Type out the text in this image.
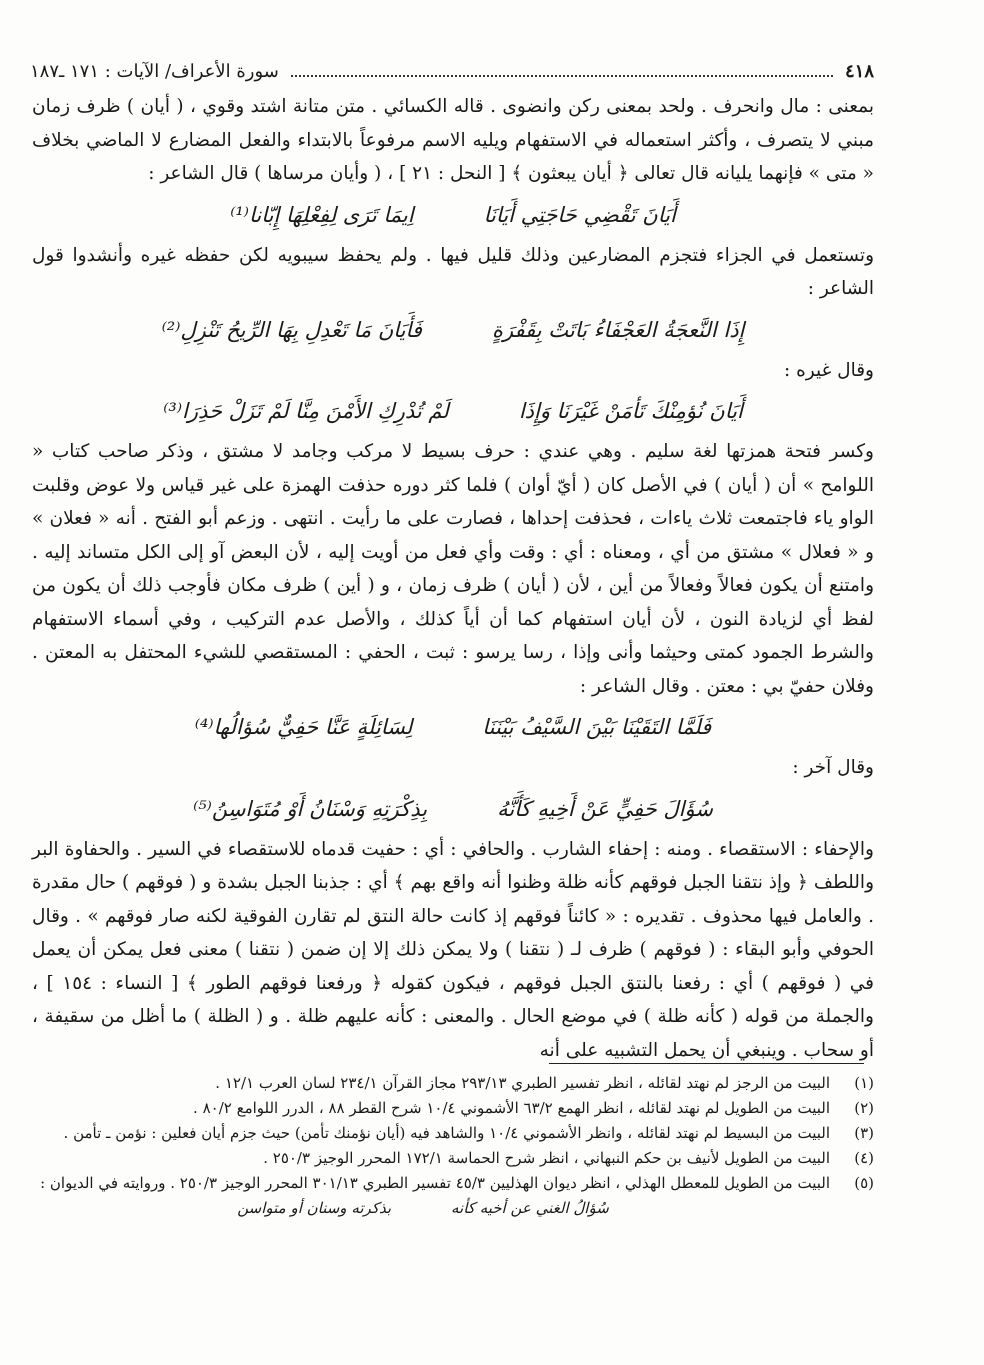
٤١٨
سورة الأعراف/ الآيات : ١٧١ ـ١٨٧

بمعنى : مال وانحرف . ولحد بمعنى ركن وانضوى . قاله الكسائي . متن متانة اشتد وقوي ، ( أيان ) ظرف زمان مبني لا يتصرف ، وأكثر استعماله في الاستفهام ويليه الاسم مرفوعاً بالابتداء والفعل المضارع لا الماضي بخلاف « متى » فإنهما يليانه قال تعالى ﴿ أيان يبعثون ﴾ [ النحل : ٢١ ] ، ( وأيان مرساها ) قال الشاعر :

أَيَانَ تَقْضِي حَاجَتِي أَيَانَا
اِيمَا تَرَى لِفِعْلِهَا إِبّانا⁽¹⁾

وتستعمل في الجزاء فتجزم المضارعين وذلك قليل فيها . ولم يحفظ سيبويه لكن حفظه غيره وأنشدوا قول الشاعر :

إِذَا النَّعجَةُ العَجْفَاءُ بَاتَتْ بِقَفْرَةٍ
فَأَيَانَ مَا تَعْدِلِ بِهَا الرِّيحُ تَنْزِلِ⁽²⁾

وقال غيره :

أَيَانَ نُؤمِنْكَ تَأمَنْ غَيْرَنَا وَإِذَا
لَمْ تُدْرِكِ الأَمْنَ مِنَّا لَمْ تَزَلْ حَذِرَا⁽³⁾

وكسر فتحة همزتها لغة سليم . وهي عندي : حرف بسيط لا مركب وجامد لا مشتق ، وذكر صاحب كتاب « اللوامح » أن ( أيان ) في الأصل كان ( أيّ أوان ) فلما كثر دوره حذفت الهمزة على غير قياس ولا عوض وقلبت الواو ياء فاجتمعت ثلاث ياءات ، فحذفت إحداها ، فصارت على ما رأيت . انتهى . وزعم أبو الفتح . أنه « فعلان » و « فعلال » مشتق من أي ، ومعناه : أي : وقت وأي فعل من أويت إليه ، لأن البعض آو إلى الكل متساند إليه . وامتنع أن يكون فعالاً وفعالاً من أين ، لأن ( أيان ) ظرف زمان ، و ( أين ) ظرف مكان فأوجب ذلك أن يكون من لفظ أي لزيادة النون ، لأن أيان استفهام كما أن أياً كذلك ، والأصل عدم التركيب ، وفي أسماء الاستفهام والشرط الجمود كمتى وحيثما وأنى وإذا ، رسا يرسو : ثبت ، الحفي : المستقصي للشيء المحتفل به المعتن . وفلان حفيّ بي : معتن . وقال الشاعر :

فَلَمَّا التَقَيْنَا بَيْنَ السَّيْفُ بَيْنَنَا
لِسَائِلَةٍ عَنَّا حَفِيٌّ سُؤالُها⁽⁴⁾

وقال آخر :

سُؤَالَ حَفِيٍّ عَنْ أَخِيهِ كَأَنَّهُ
بِذِكْرَتِهِ وَسْنَانُ أَوْ مُتَوَاسِنُ⁽⁵⁾

والإحفاء : الاستقصاء . ومنه : إحفاء الشارب . والحافي : أي : حفيت قدماه للاستقصاء في السير . والحفاوة البر واللطف ﴿ وإذ نتقنا الجبل فوقهم كأنه ظلة وظنوا أنه واقع بهم ﴾ أي : جذبنا الجبل بشدة و ( فوقهم ) حال مقدرة . والعامل فيها محذوف . تقديره : « كائناً فوقهم إذ كانت حالة النتق لم تقارن الفوقية لكنه صار فوقهم » . وقال الحوفي وأبو البقاء : ( فوقهم ) ظرف لـ ( نتقنا ) ولا يمكن ذلك إلا إن ضمن ( نتقنا ) معنى فعل يمكن أن يعمل في ( فوقهم ) أي : رفعنا بالنتق الجبل فوقهم ، فيكون كقوله ﴿ ورفعنا فوقهم الطور ﴾ [ النساء : ١٥٤ ] ، والجملة من قوله ( كأنه ظلة ) في موضع الحال . والمعنى : كأنه عليهم ظلة . و ( الظلة ) ما أظل من سقيفة ، أو سحاب . وينبغي أن يحمل التشبيه على أنه

(١)
البيت من الرجز لم نهتد لقائله ، انظر تفسير الطبري ٢٩٣/١٣ مجاز القرآن ٢٣٤/١ لسان العرب ١٢/١ .
(٢)
البيت من الطويل لم نهتد لقائله ، انظر الهمع ٦٣/٢ الأشموني ١٠/٤ شرح القطر ٨٨ ، الدرر اللوامع ٨٠/٢ .
(٣)
البيت من البسيط لم نهتد لقائله ، وانظر الأشموني ١٠/٤ والشاهد فيه (أيان نؤمنك تأمن) حيث جزم أيان فعلين : نؤمن ـ تأمن .
(٤)
البيت من الطويل لأنيف بن حكم النبهاني ، انظر شرح الحماسة ١٧٢/١ المحرر الوجيز ٢٥٠/٣ .
(٥)
البيت من الطويل للمعطل الهذلي ، انظر ديوان الهذليين ٤٥/٣ تفسير الطبري ٣٠١/١٣ المحرر الوجيز ٢٥٠/٣ . وروايته في الديوان :
سُؤالُ الغني عن أخيه كأنه
بذكرته وسنان أو متواسن
